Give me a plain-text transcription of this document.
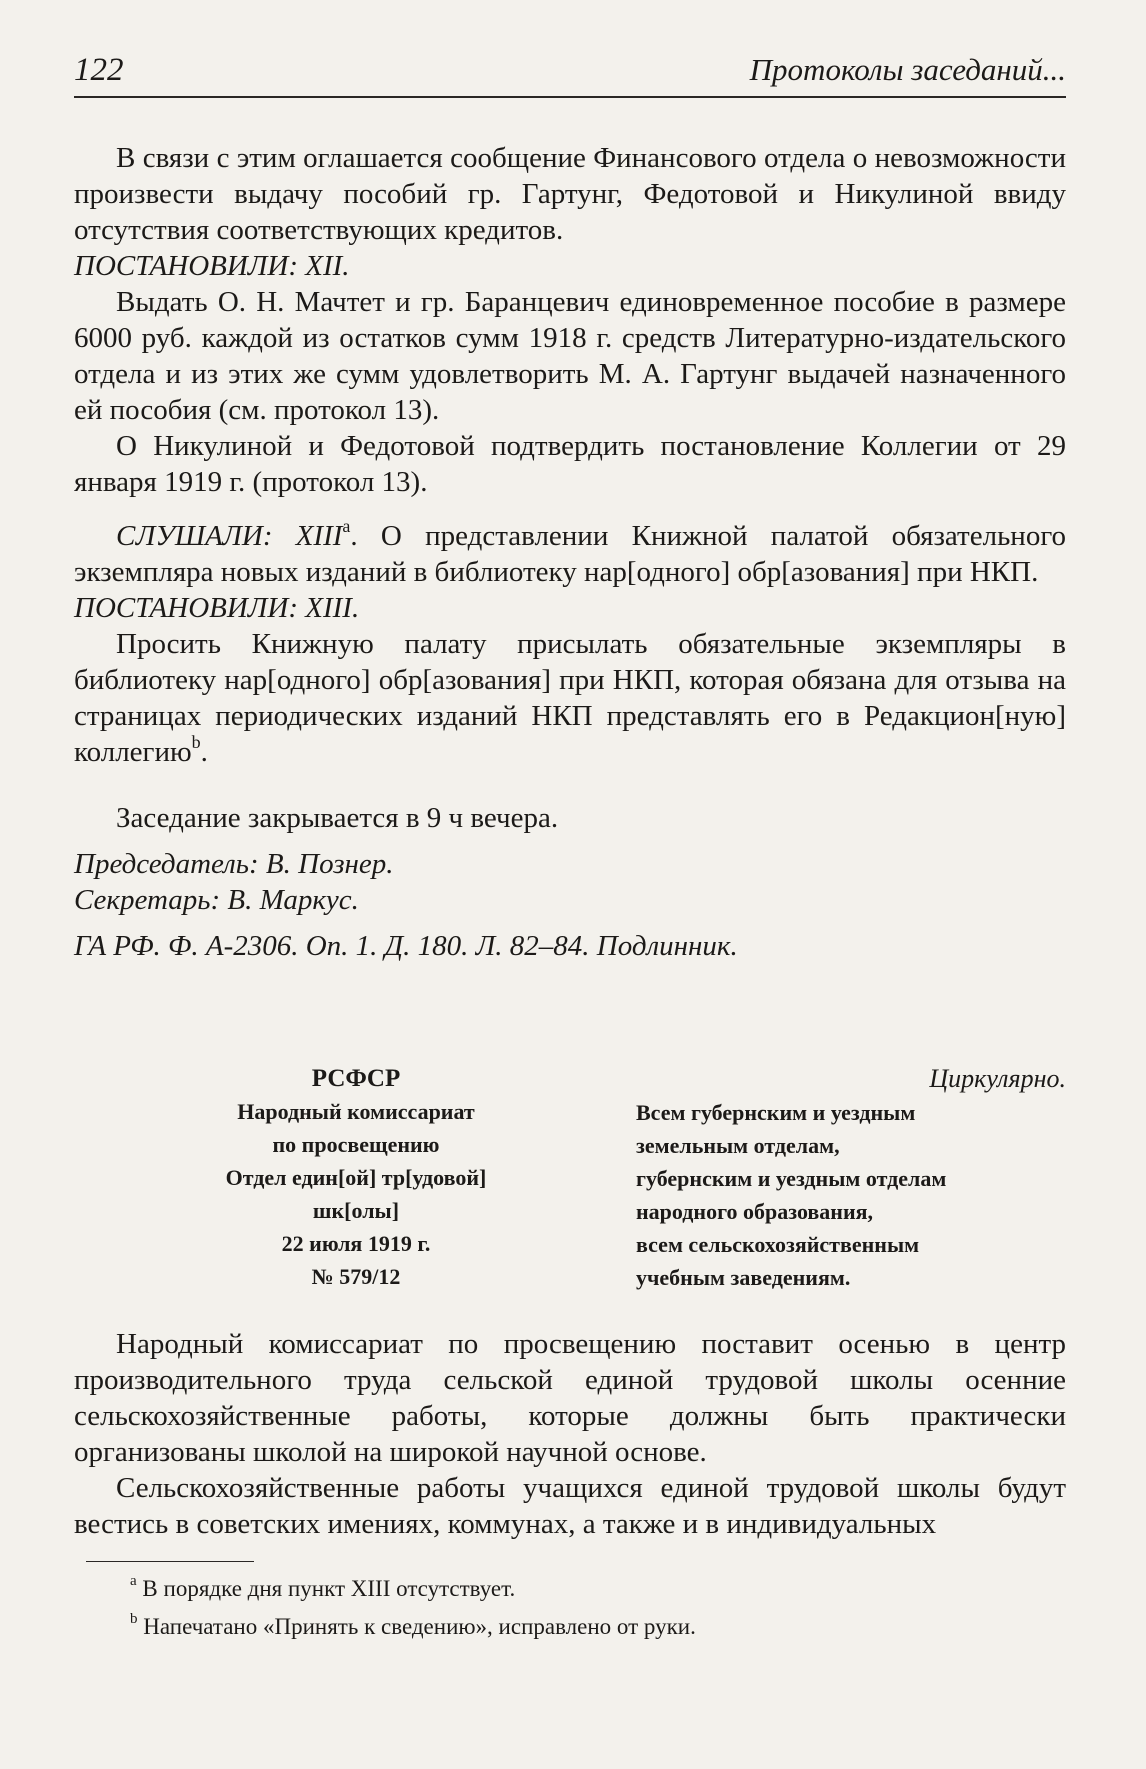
122	Протоколы заседаний...

В связи с этим оглашается сообщение Финансового отдела о невозможности произвести выдачу пособий гр. Гартунг, Федотовой и Никулиной ввиду отсутствия соответствующих кредитов.

ПОСТАНОВИЛИ: XII.

Выдать О. Н. Мачтет и гр. Баранцевич единовременное пособие в размере 6000 руб. каждой из остатков сумм 1918 г. средств Литературно-издательского отдела и из этих же сумм удовлетворить М. А. Гартунг выдачей назначенного ей пособия (см. протокол 13).

О Никулиной и Федотовой подтвердить постановление Коллегии от 29 января 1919 г. (протокол 13).

СЛУШАЛИ: XIII$^a$. О представлении Книжной палатой обязательного экземпляра новых изданий в библиотеку нар[одного] обр[азования] при НКП.

ПОСТАНОВИЛИ: XIII.

Просить Книжную палату присылать обязательные экземпляры в библиотеку нар[одного] обр[азования] при НКП, которая обязана для отзыва на страницах периодических изданий НКП представлять его в Редакцион[ную] коллегию$^b$.

Заседание закрывается в 9 ч вечера.

Председатель: В. Познер.

Секретарь: В. Маркус.

ГА РФ. Ф. А-2306. Оп. 1. Д. 180. Л. 82–84. Подлинник.

РСФСР
Народный комиссариат
по просвещению
Отдел един[ой] тр[удовой]
шк[олы]
22 июля 1919 г.
№ 579/12
Циркулярно.
Всем губернским и уездным
земельным отделам,
губернским и уездным отделам
народного образования,
всем сельскохозяйственным
учебным заведениям.

Народный комиссариат по просвещению поставит осенью в центр производительного труда сельской единой трудовой школы осенние сельскохозяйственные работы, которые должны быть практически организованы школой на широкой научной основе.

Сельскохозяйственные работы учащихся единой трудовой школы будут вестись в советских имениях, коммунах, а также и в индивидуальных

$^a$ В порядке дня пункт XIII отсутствует.
$^b$ Напечатано «Принять к сведению», исправлено от руки.
